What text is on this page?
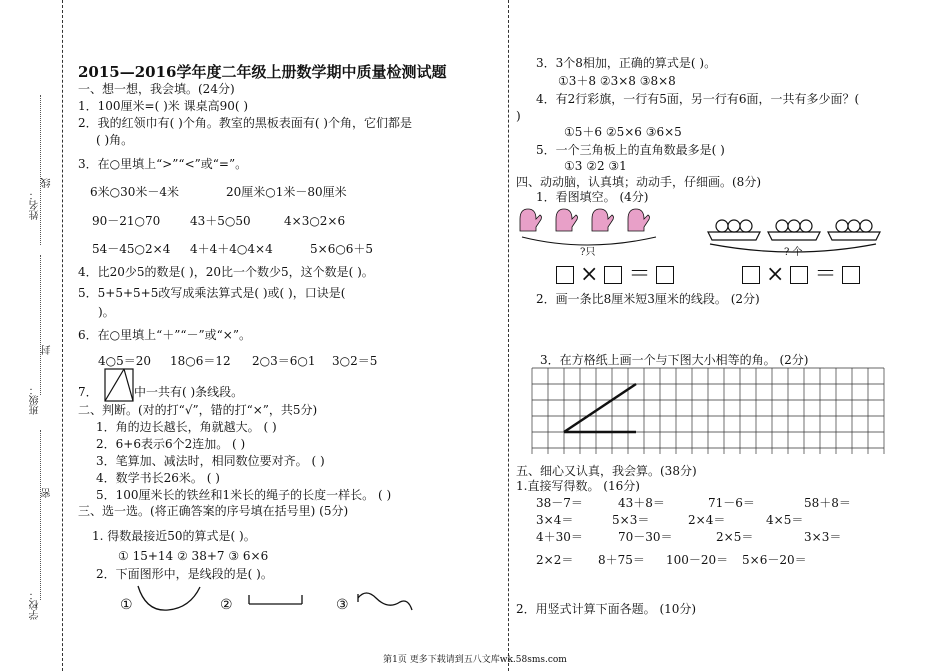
姓名：
线
封
班级：
密
学校：
2015—2016学年度二年级上册数学期中质量检测试题
一、想一想，我会填。(24分)
1．100厘米=( )米 课桌高90( )
2．我的红领巾有( )个角。教室的黑板表面有( )个角，它们都是
( )角。
3．在○里填上“>”“<”或“=”。
6米○30米－4米	20厘米○1米－80厘米
90－21○70 43＋5○50	4×3○2×6
54－45○2×4 4＋4＋4○4×4	5×6○6＋5
4．比20少5的数是( )，20比一个数少5，这个数是( )。
5．5+5+5+5改写成乘法算式是( )或( )，口诀是(
)。
6．在○里填上“＋”“－”或“×”。
4○5＝20 18○6＝12 2○3＝6○1 3○2＝5
7．	中一共有( )条线段。
二、判断。(对的打“√”，错的打“×”，共5分)
1．角的边长越长，角就越大。 ( )
2．6+6表示6个2连加。 ( )
3．笔算加、减法时，相同数位要对齐。 ( )
4．数学书长26米。 ( )
5．100厘米长的铁丝和1米长的绳子的长度一样长。 ( )
三、选一选。(将正确答案的序号填在括号里) (5分)
1. 得数最接近50的算式是( )。
① 15+14 ② 38+7 ③ 6×6
2．下面图形中，是线段的是( )。
①	②	③
3．3个8相加，正确的算式是( )。
①3＋8 ②3×8 ③8×8
4．有2行彩旗，一行有5面，另一行有6面，一共有多少面？(
)
①5＋6 ②5×6 ③6×5
5．一个三角板上的直角数最多是( )
①3 ②2 ③1
四、动动脑，认真填；动动手，仔细画。(8分)
1．看图填空。 (4分)
?只	? 个
× ＝	× ＝
2．画一条比8厘米短3厘米的线段。 (2分)
3．在方格纸上画一个与下图大小相等的角。 (2分)
五、细心又认真，我会算。(38分)
1.直接写得数。 (16分)
38－7＝	43＋8＝	71－6＝	58＋8＝
3×4＝	5×3＝	2×4＝	4×5＝
4＋30＝	70－30＝	2×5＝	3×3＝
2×2＝ 8＋75＝ 100－20＝ 5×6－20＝
2．用竖式计算下面各题。 (10分)
第1页 更多下载请到五八文库wk.58sms.com
